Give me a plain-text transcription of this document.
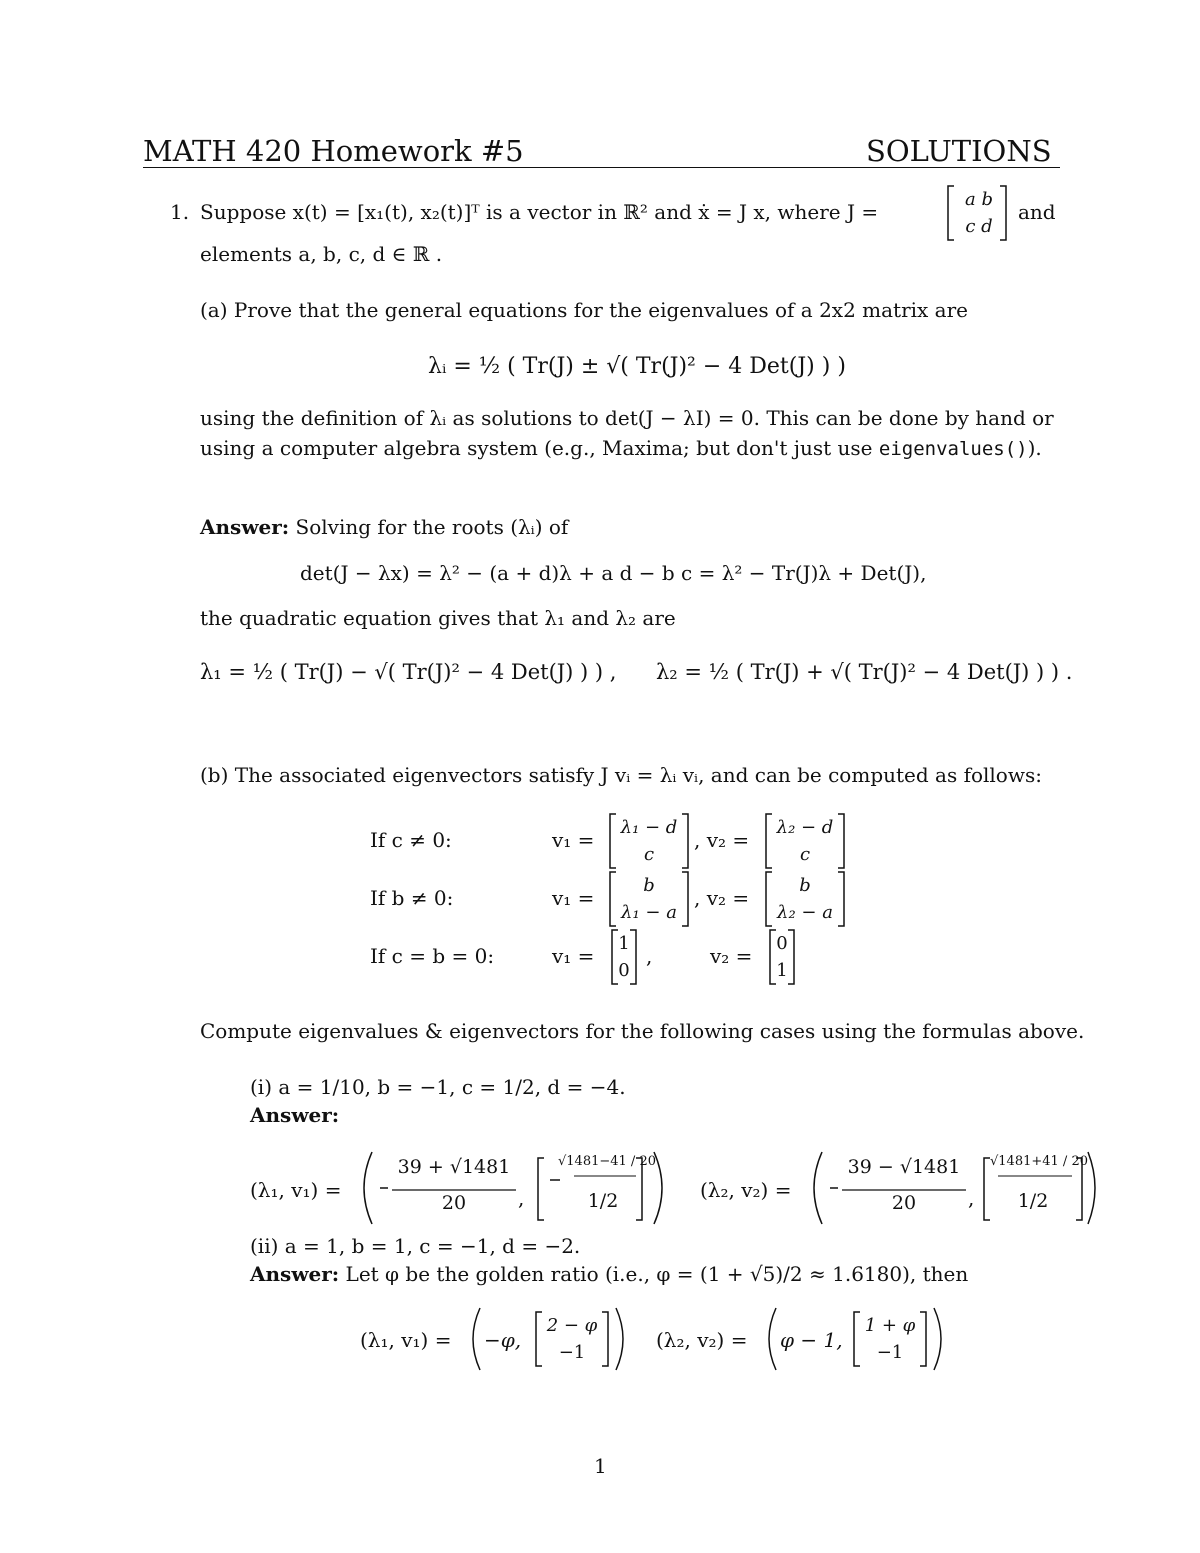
MATH 420 Homework #5	SOLUTIONS
1. Suppose x(t) = [x₁(t), x₂(t)]ᵀ is a vector in ℝ² and ẋ = J x, where J =
a b
c d
and
elements a, b, c, d ∈ ℝ .
(a) Prove that the general equations for the eigenvalues of a 2x2 matrix are
λᵢ = ½ ( Tr(J) ± √( Tr(J)² − 4 Det(J) ) )
using the definition of λᵢ as solutions to det(J − λI) = 0. This can be done by hand or
using a computer algebra system (e.g., Maxima; but don't just use eigenvalues()).
Answer: Solving for the roots (λᵢ) of
det(J − λx) = λ² − (a + d)λ + a d − b c = λ² − Tr(J)λ + Det(J),
the quadratic equation gives that λ₁ and λ₂ are
λ₁ = ½ ( Tr(J) − √( Tr(J)² − 4 Det(J) ) ) , λ₂ = ½ ( Tr(J) + √( Tr(J)² − 4 Det(J) ) ) .
(b) The associated eigenvectors satisfy J vᵢ = λᵢ vᵢ, and can be computed as follows:
If c ≠ 0:	v₁ =
λ₁ − d
c
, v₂ =
λ₂ − d
c
If b ≠ 0:	v₁ =
b
λ₁ − a
, v₂ =
b
λ₂ − a
If c = b = 0:	v₁ =
1
0
,	v₂ =
0
1
Compute eigenvalues & eigenvectors for the following cases using the formulas above.
(i) a = 1/10, b = −1, c = 1/2, d = −4.
Answer:
(λ₁, v₁) =
39 + √1481
20	,
√1481−41 / 20
1/2	(λ₂, v₂) =
39 − √1481
20	,
√1481+41 / 20
1/2
(ii) a = 1, b = 1, c = −1, d = −2.
Answer: Let φ be the golden ratio (i.e., φ = (1 + √5)/2 ≈ 1.6180), then
(λ₁, v₁) = −φ,
2 − φ
−1
(λ₂, v₂) = φ − 1,
1 + φ
−1
1
